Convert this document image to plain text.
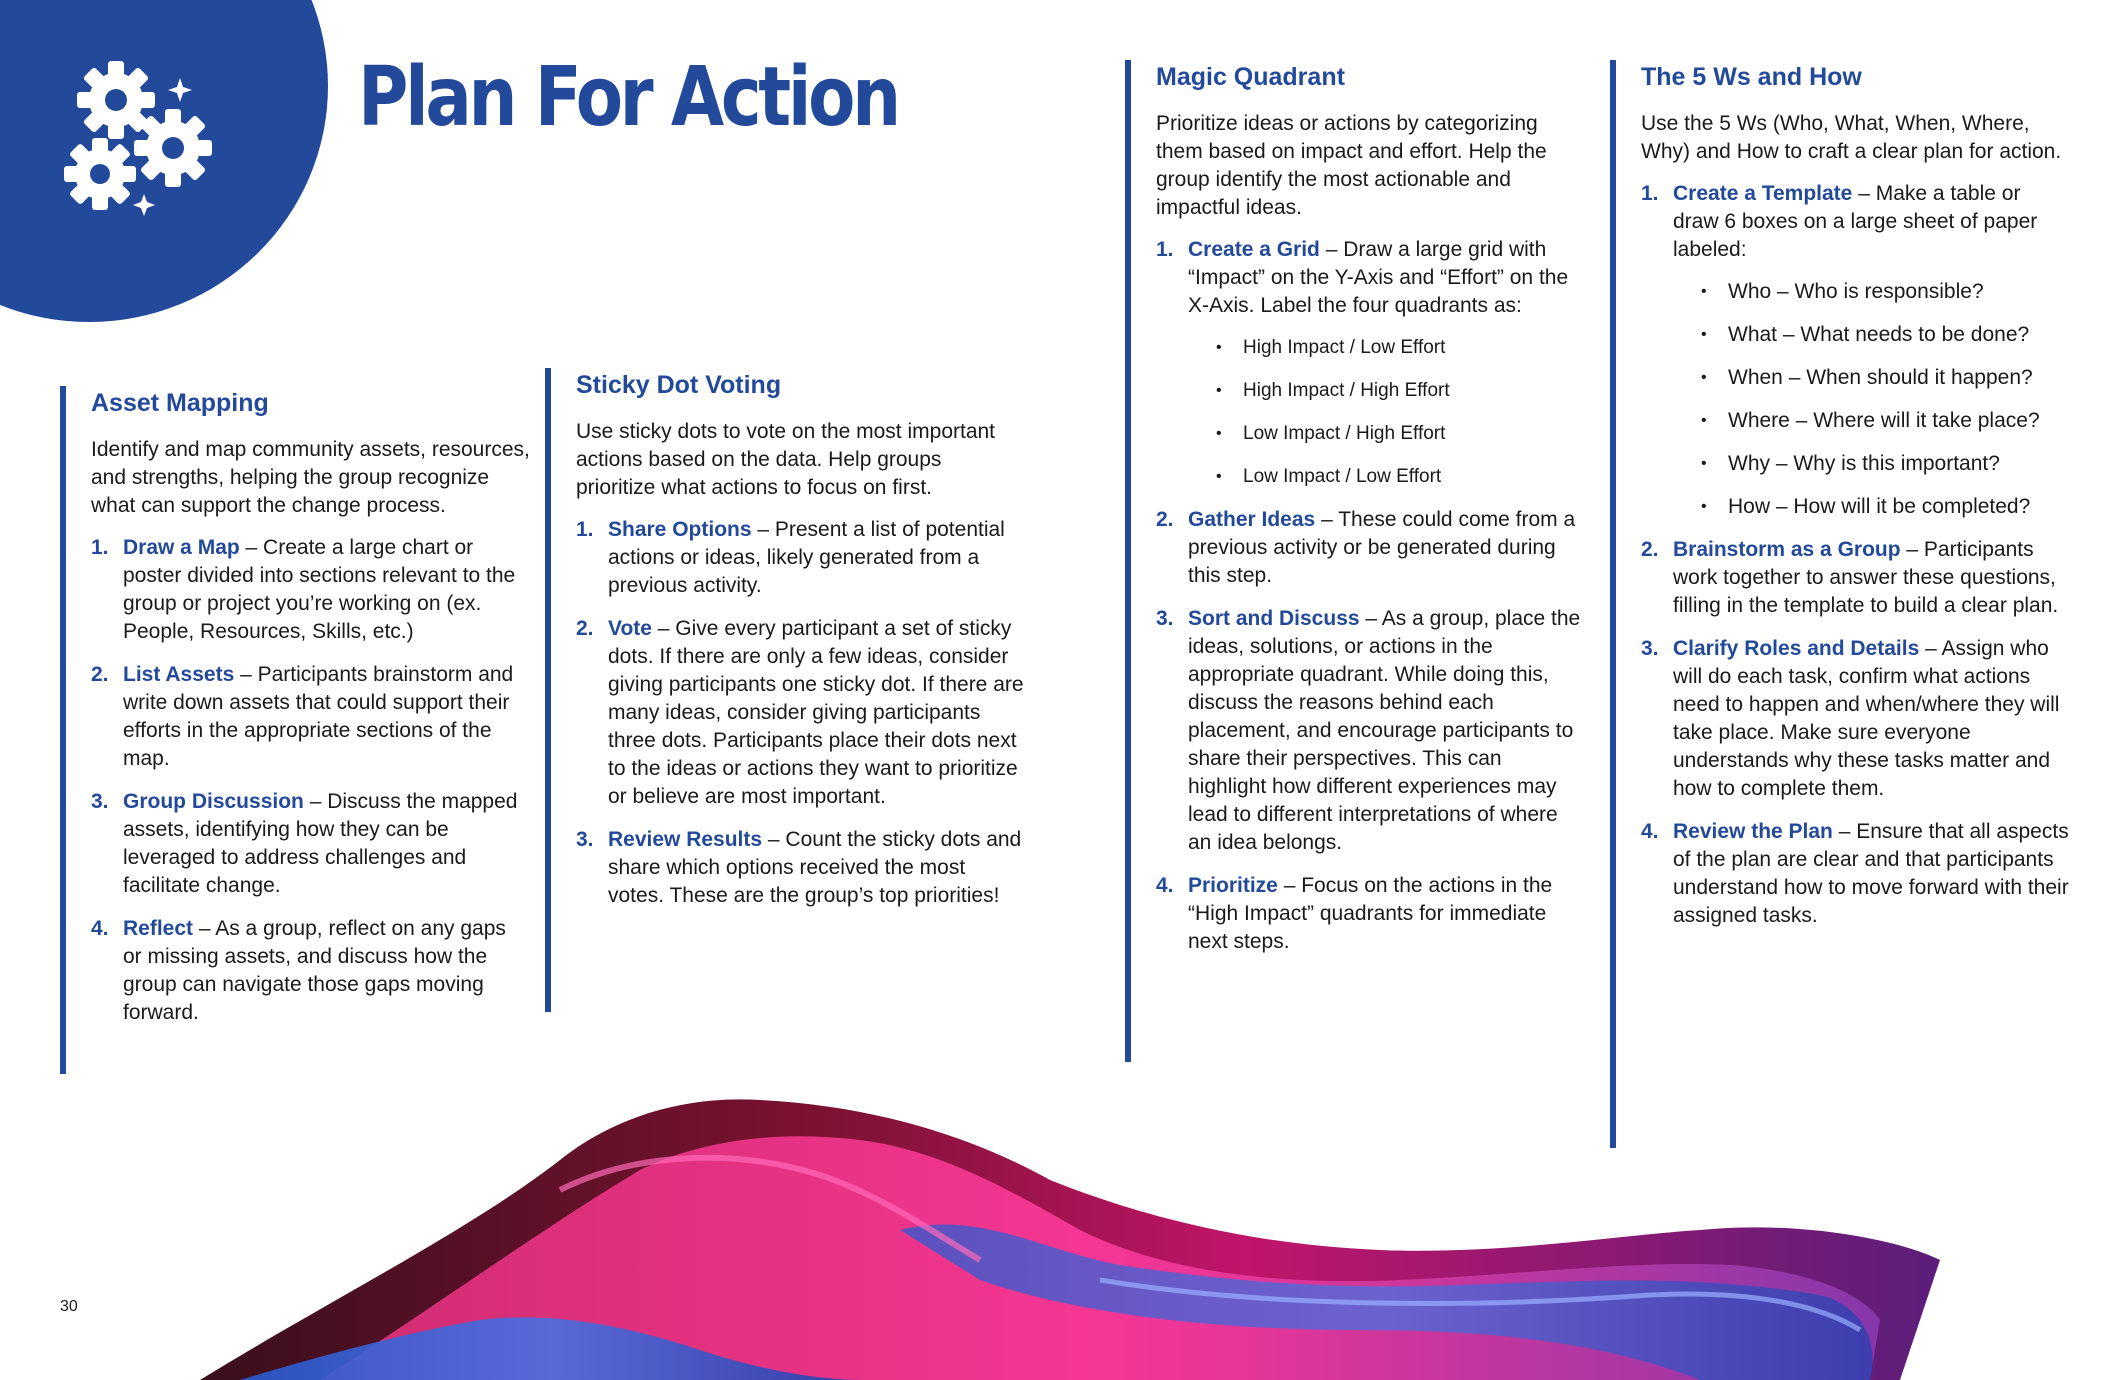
Plan For Action
Asset Mapping

Identify and map community assets, resources, and strengths, helping the group recognize what can support the change process.

1. Draw a Map – Create a large chart or poster divided into sections relevant to the group or project you’re working on (ex. People, Resources, Skills, etc.)
2. List Assets – Participants brainstorm and write down assets that could support their efforts in the appropriate sections of the map.
3. Group Discussion – Discuss the mapped assets, identifying how they can be leveraged to address challenges and facilitate change.
4. Reflect – As a group, reflect on any gaps or missing assets, and discuss how the group can navigate those gaps moving forward.
Sticky Dot Voting

Use sticky dots to vote on the most important actions based on the data. Help groups prioritize what actions to focus on first.

1. Share Options – Present a list of potential actions or ideas, likely generated from a previous activity.
2. Vote – Give every participant a set of sticky dots. If there are only a few ideas, consider giving participants one sticky dot. If there are many ideas, consider giving participants three dots. Participants place their dots next to the ideas or actions they want to prioritize or believe are most important.
3. Review Results – Count the sticky dots and share which options received the most votes. These are the group’s top priorities!
Magic Quadrant

Prioritize ideas or actions by categorizing them based on impact and effort. Help the group identify the most actionable and impactful ideas.

1. Create a Grid – Draw a large grid with “Impact” on the Y-Axis and “Effort” on the X-Axis. Label the four quadrants as:
• High Impact / Low Effort
• High Impact / High Effort
• Low Impact / High Effort
• Low Impact / Low Effort
2. Gather Ideas – These could come from a previous activity or be generated during this step.
3. Sort and Discuss – As a group, place the ideas, solutions, or actions in the appropriate quadrant. While doing this, discuss the reasons behind each placement, and encourage participants to share their perspectives. This can highlight how different experiences may lead to different interpretations of where an idea belongs.
4. Prioritize – Focus on the actions in the “High Impact” quadrants for immediate next steps.
The 5 Ws and How

Use the 5 Ws (Who, What, When, Where, Why) and How to craft a clear plan for action.

1. Create a Template – Make a table or draw 6 boxes on a large sheet of paper labeled:
• Who – Who is responsible?
• What – What needs to be done?
• When – When should it happen?
• Where – Where will it take place?
• Why – Why is this important?
• How – How will it be completed?
2. Brainstorm as a Group – Participants work together to answer these questions, filling in the template to build a clear plan.
3. Clarify Roles and Details – Assign who will do each task, confirm what actions need to happen and when/where they will take place. Make sure everyone understands why these tasks matter and how to complete them.
4. Review the Plan – Ensure that all aspects of the plan are clear and that participants understand how to move forward with their assigned tasks.
30
